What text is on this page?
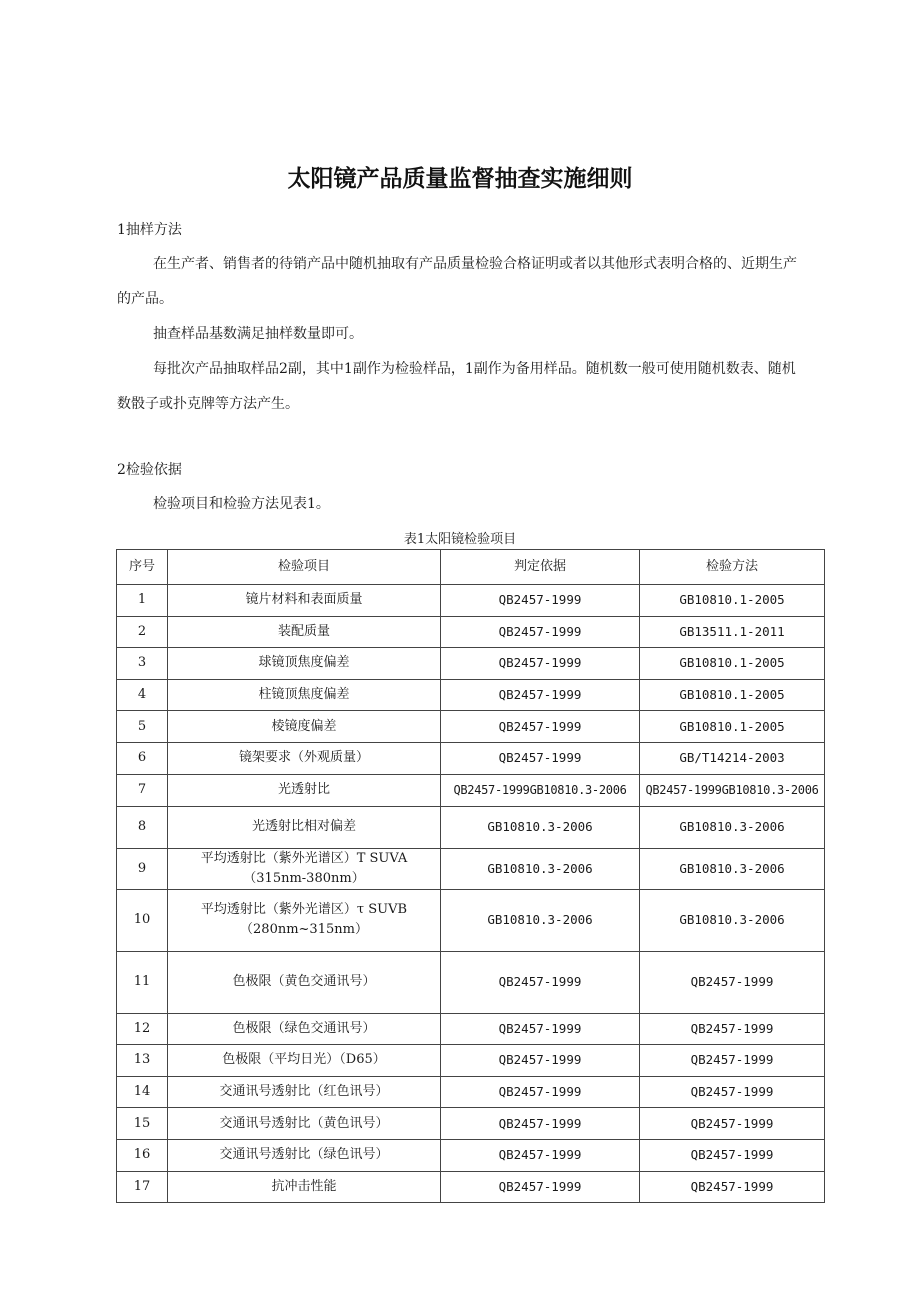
太阳镜产品质量监督抽查实施细则
1抽样方法
在生产者、销售者的待销产品中随机抽取有产品质量检验合格证明或者以其他形式表明合格的、近期生产的产品。
抽查样品基数满足抽样数量即可。
每批次产品抽取样品2副，其中1副作为检验样品，1副作为备用样品。随机数一般可使用随机数表、随机数骰子或扑克牌等方法产生。
2检验依据
检验项目和检验方法见表1。
表1太阳镜检验项目
序号	检验项目	判定依据	检验方法
1	镜片材料和表面质量	QB2457-1999	GB10810.1-2005
2	装配质量	QB2457-1999	GB13511.1-2011
3	球镜顶焦度偏差	QB2457-1999	GB10810.1-2005
4	柱镜顶焦度偏差	QB2457-1999	GB10810.1-2005
5	棱镜度偏差	QB2457-1999	GB10810.1-2005
6	镜架要求（外观质量）	QB2457-1999	GB/T14214-2003
7	光透射比	QB2457-1999GB10810.3-2006	QB2457-1999GB10810.3-2006
8	光透射比相对偏差	GB10810.3-2006	GB10810.3-2006
9	平均透射比（紫外光谱区）T SUVA（315nm-380nm）	GB10810.3-2006	GB10810.3-2006
10	平均透射比（紫外光谱区）τ SUVB（280nm~315nm）	GB10810.3-2006	GB10810.3-2006
11	色极限（黄色交通讯号）	QB2457-1999	QB2457-1999
12	色极限（绿色交通讯号）	QB2457-1999	QB2457-1999
13	色极限（平均日光）（D65）	QB2457-1999	QB2457-1999
14	交通讯号透射比（红色讯号）	QB2457-1999	QB2457-1999
15	交通讯号透射比（黄色讯号）	QB2457-1999	QB2457-1999
16	交通讯号透射比（绿色讯号）	QB2457-1999	QB2457-1999
17	抗冲击性能	QB2457-1999	QB2457-1999
